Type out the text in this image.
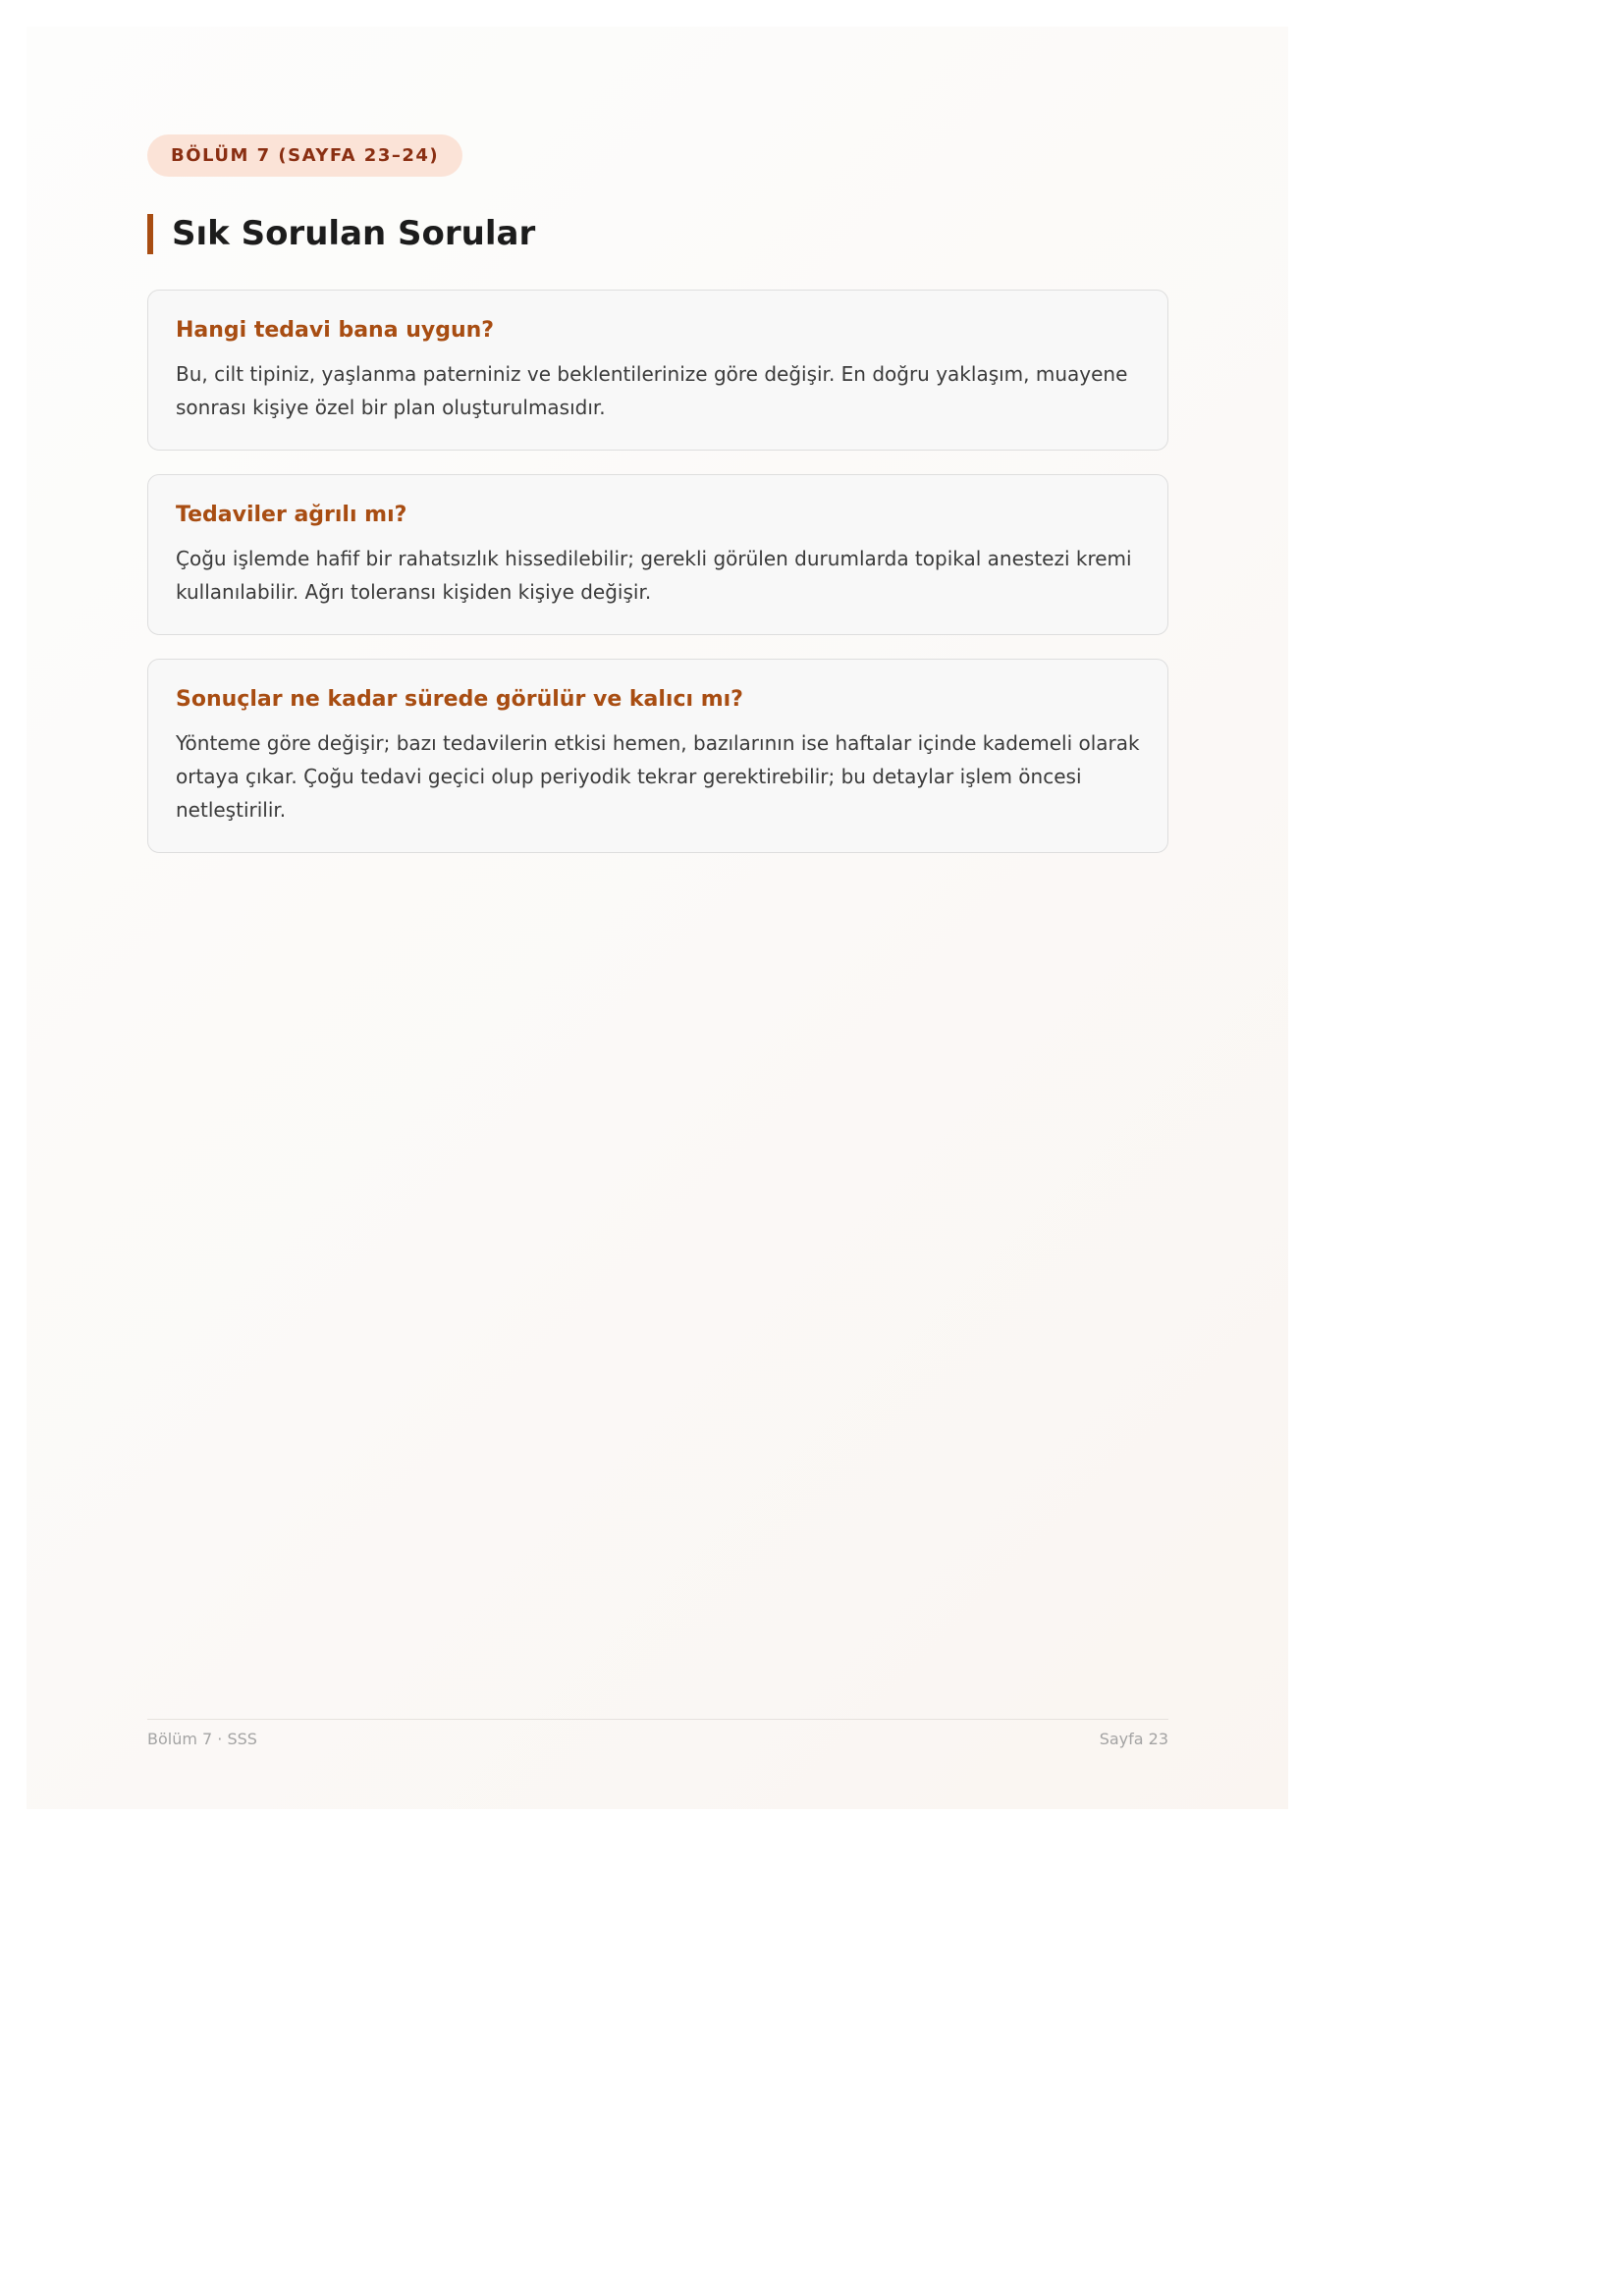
BÖLÜM 7 (SAYFA 23–24)
Sık Sorulan Sorular
Hangi tedavi bana uygun?

Bu, cilt tipiniz, yaşlanma paterniniz ve beklentilerinize göre değişir. En doğru yaklaşım, muayene sonrası kişiye özel bir plan oluşturulmasıdır.

Tedaviler ağrılı mı?

Çoğu işlemde hafif bir rahatsızlık hissedilebilir; gerekli görülen durumlarda topikal anestezi kremi kullanılabilir. Ağrı toleransı kişiden kişiye değişir.

Sonuçlar ne kadar sürede görülür ve kalıcı mı?

Yönteme göre değişir; bazı tedavilerin etkisi hemen, bazılarının ise haftalar içinde kademeli olarak ortaya çıkar. Çoğu tedavi geçici olup periyodik tekrar gerektirebilir; bu detaylar işlem öncesi netleştirilir.

Bölüm 7 · SSS	Sayfa 23
